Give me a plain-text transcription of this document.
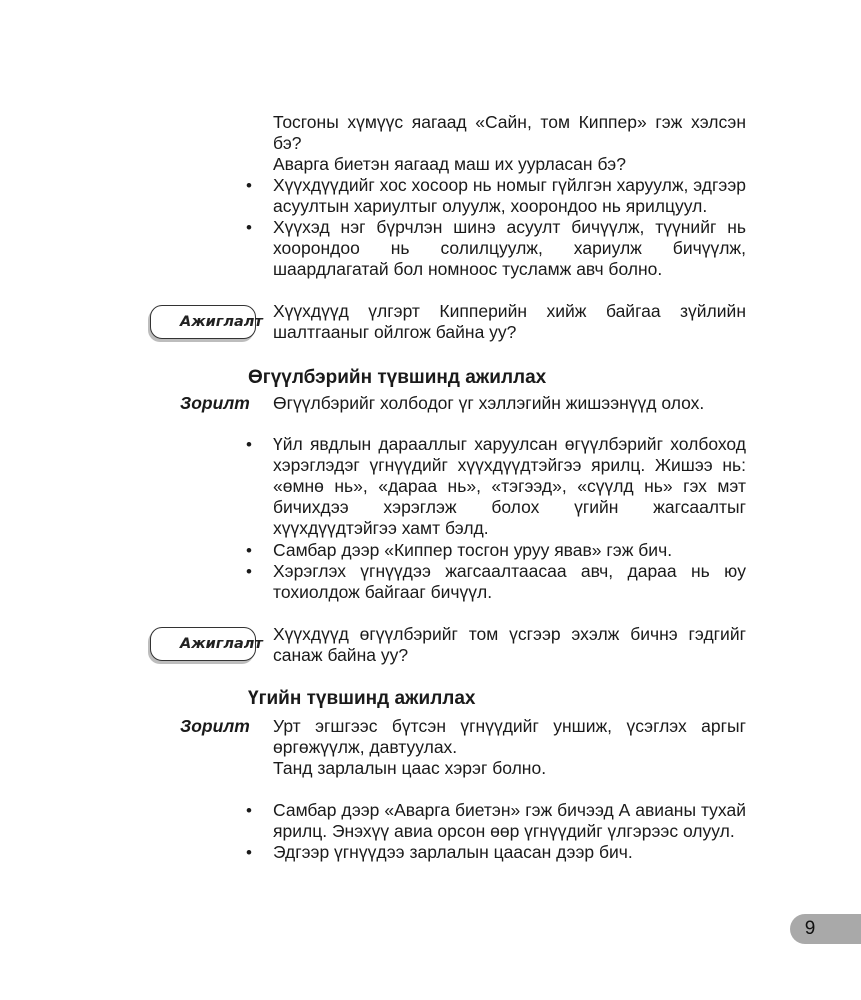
Тосгоны хүмүүс яагаад «Сайн, том Киппер» гэж хэлсэн бэ?
Аварга биетэн яагаад маш их уурласан бэ?
•	Хүүхдүүдийг хос хосоор нь номыг гүйлгэн харуулж, эдгээр асуултын хариултыг олуулж, хоорондоо нь ярилцуул.
•	Хүүхэд нэг бүрчлэн шинэ асуулт бичүүлж, түүнийг нь хоорондоо нь солилцуулж, хариулж бичүүлж, шаардлагатай бол номноос тусламж авч болно.
Ажиглалт
Хүүхдүүд үлгэрт Кипперийн хийж байгаа зүйлийн шалтгааныг ойлгож байна уу?
Өгүүлбэрийн түвшинд ажиллах
Зорилт Өгүүлбэрийг холбодог үг хэллэгийн жишээнүүд олох.
•	Үйл явдлын дарааллыг харуулсан өгүүлбэрийг холбоход хэрэглэдэг үгнүүдийг хүүхдүүдтэйгээ ярилц. Жишээ нь: «өмнө нь», «дараа нь», «тэгээд», «сүүлд нь» гэх мэт бичихдээ хэрэглэж болох үгийн жагсаалтыг хүүхдүүдтэйгээ хамт бэлд.
•	Самбар дээр «Киппер тосгон уруу явав» гэж бич.
•	Хэрэглэх үгнүүдээ жагсаалтаасаа авч, дараа нь юу тохиолдож байгааг бичүүл.
Ажиглалт Хүүхдүүд өгүүлбэрийг том үсгээр эхэлж бичнэ гэдгийг санаж байна уу?
Үгийн түвшинд ажиллах
Зорилт Урт эгшгээс бүтсэн үгнүүдийг уншиж, үсэглэх аргыг өргөжүүлж, давтуулах.
Танд зарлалын цаас хэрэг болно.
•	Самбар дээр «Аварга биетэн» гэж бичээд А авианы тухай ярилц. Энэхүү авиа орсон өөр үгнүүдийг үлгэрээс олуул.
•	Эдгээр үгнүүдээ зарлалын цаасан дээр бич.
9
